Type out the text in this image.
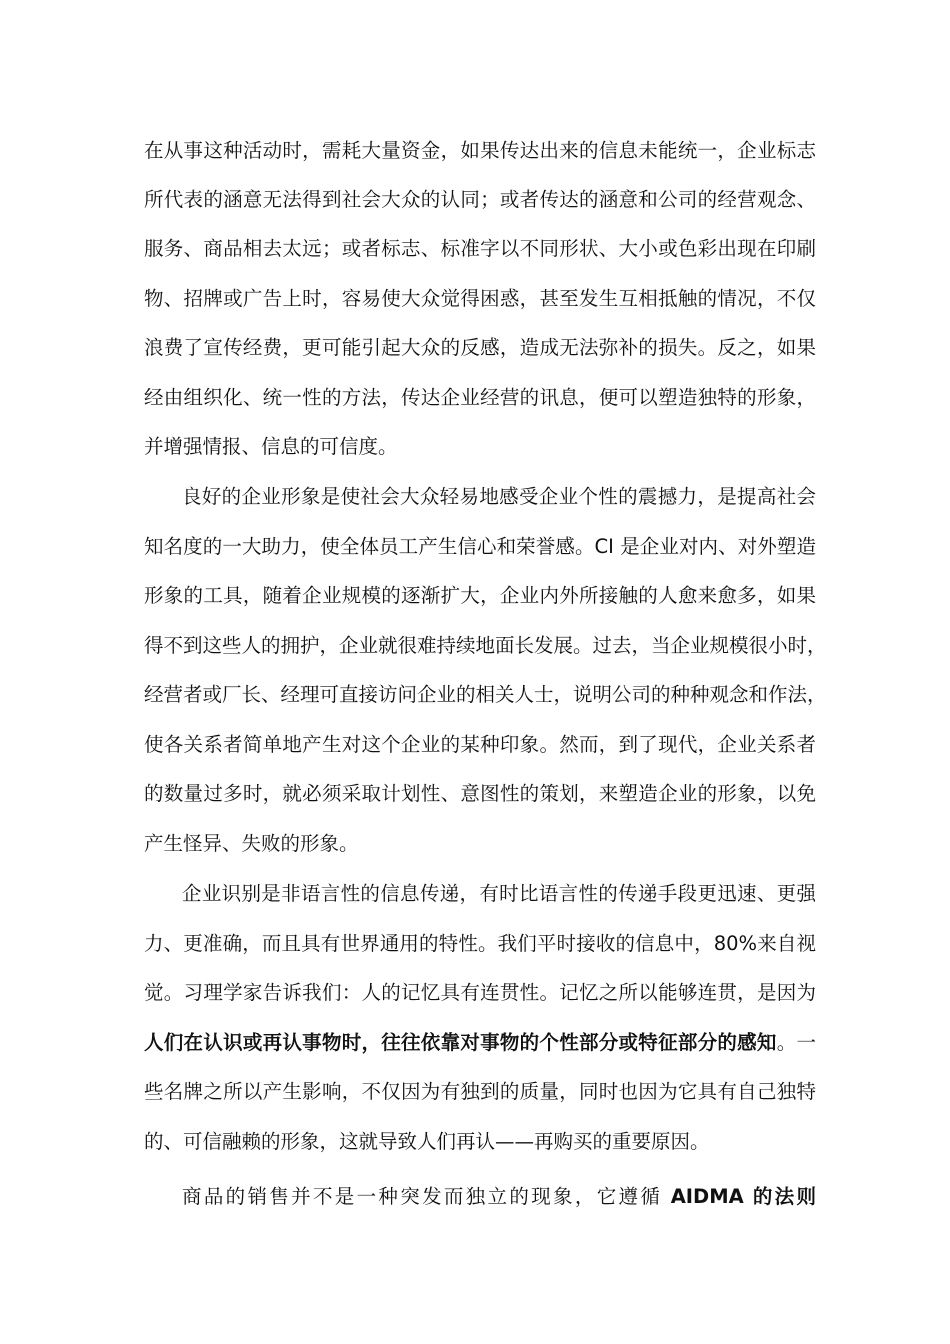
在从事这种活动时，需耗大量资金，如果传达出来的信息未能统一，企业标志
所代表的涵意无法得到社会大众的认同；或者传达的涵意和公司的经营观念、
服务、商品相去太远；或者标志、标准字以不同形状、大小或色彩出现在印刷
物、招牌或广告上时，容易使大众觉得困惑，甚至发生互相抵触的情况，不仅
浪费了宣传经费，更可能引起大众的反感，造成无法弥补的损失。反之，如果
经由组织化、统一性的方法，传达企业经营的讯息，便可以塑造独特的形象，
并增强情报、信息的可信度。
良好的企业形象是使社会大众轻易地感受企业个性的震撼力，是提高社会
知名度的一大助力，使全体员工产生信心和荣誉感。CI 是企业对内、对外塑造
形象的工具，随着企业规模的逐渐扩大，企业内外所接触的人愈来愈多，如果
得不到这些人的拥护，企业就很难持续地面长发展。过去，当企业规模很小时，
经营者或厂长、经理可直接访问企业的相关人士，说明公司的种种观念和作法，
使各关系者简单地产生对这个企业的某种印象。然而，到了现代，企业关系者
的数量过多时，就必须采取计划性、意图性的策划，来塑造企业的形象，以免
产生怪异、失败的形象。
企业识别是非语言性的信息传递，有时比语言性的传递手段更迅速、更强
力、更准确，而且具有世界通用的特性。我们平时接收的信息中，80%来自视
觉。习理学家告诉我们：人的记忆具有连贯性。记忆之所以能够连贯，是因为
人们在认识或再认事物时，往往依靠对事物的个性部分或特征部分的感知。一
些名牌之所以产生影响，不仅因为有独到的质量，同时也因为它具有自己独特
的、可信融赖的形象，这就导致人们再认——再购买的重要原因。
商品的销售并不是一种突发而独立的现象，它遵循 AIDMA 的法则
